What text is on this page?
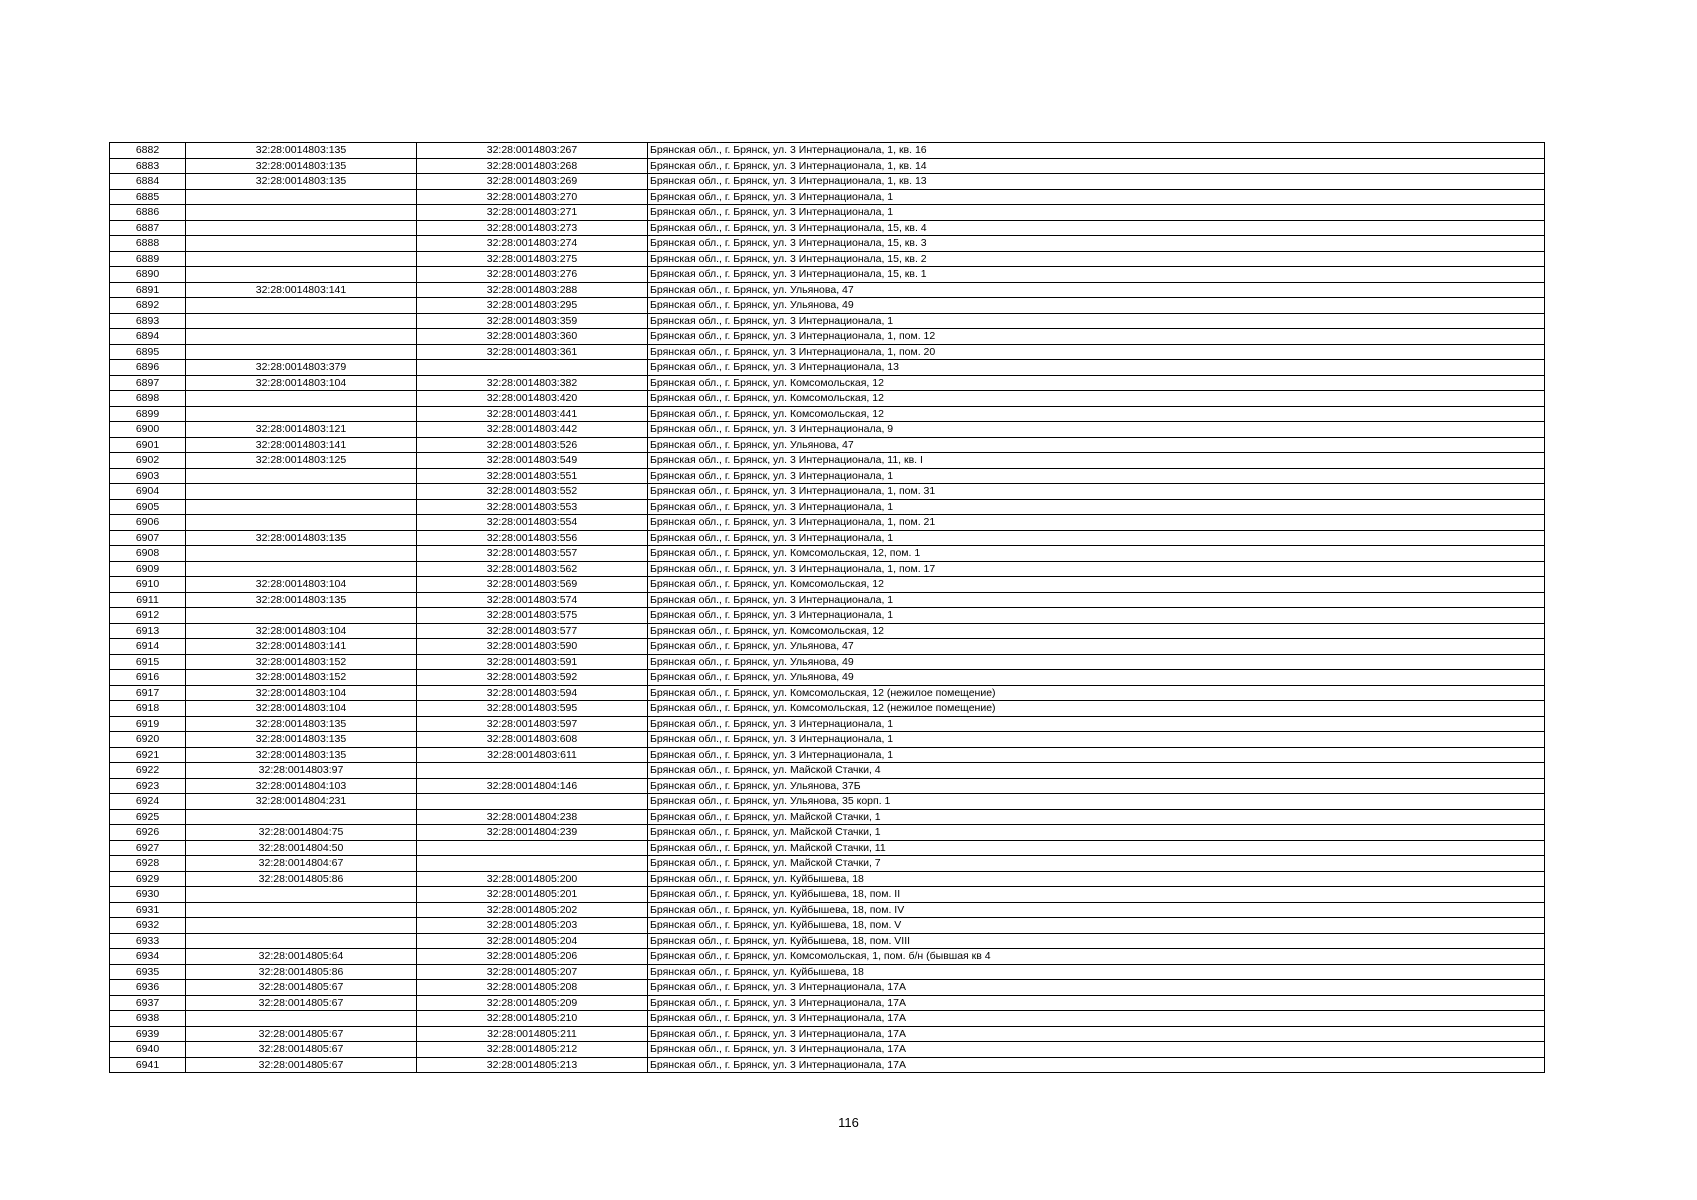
6882	32:28:0014803:135	32:28:0014803:267	Брянская обл., г. Брянск, ул. 3 Интернационала, 1, кв. 16
6883	32:28:0014803:135	32:28:0014803:268	Брянская обл., г. Брянск, ул. 3 Интернационала, 1, кв. 14
6884	32:28:0014803:135	32:28:0014803:269	Брянская обл., г. Брянск, ул. 3 Интернационала, 1, кв. 13
6885		32:28:0014803:270	Брянская обл., г. Брянск, ул. 3 Интернационала, 1
6886		32:28:0014803:271	Брянская обл., г. Брянск, ул. 3 Интернационала, 1
6887		32:28:0014803:273	Брянская обл., г. Брянск, ул. 3 Интернационала, 15, кв. 4
6888		32:28:0014803:274	Брянская обл., г. Брянск, ул. 3 Интернационала, 15, кв. 3
6889		32:28:0014803:275	Брянская обл., г. Брянск, ул. 3 Интернационала, 15, кв. 2
6890		32:28:0014803:276	Брянская обл., г. Брянск, ул. 3 Интернационала, 15, кв. 1
6891	32:28:0014803:141	32:28:0014803:288	Брянская обл., г. Брянск, ул. Ульянова, 47
6892		32:28:0014803:295	Брянская обл., г. Брянск, ул. Ульянова, 49
6893		32:28:0014803:359	Брянская обл., г. Брянск, ул. 3 Интернационала, 1
6894		32:28:0014803:360	Брянская обл., г. Брянск, ул. 3 Интернационала, 1, пом. 12
6895		32:28:0014803:361	Брянская обл., г. Брянск, ул. 3 Интернационала, 1, пом. 20
6896	32:28:0014803:379		Брянская обл., г. Брянск, ул. 3 Интернационала, 13
6897	32:28:0014803:104	32:28:0014803:382	Брянская обл., г. Брянск, ул. Комсомольская, 12
6898		32:28:0014803:420	Брянская обл., г. Брянск, ул. Комсомольская, 12
6899		32:28:0014803:441	Брянская обл., г. Брянск, ул. Комсомольская, 12
6900	32:28:0014803:121	32:28:0014803:442	Брянская обл., г. Брянск, ул. 3 Интернационала, 9
6901	32:28:0014803:141	32:28:0014803:526	Брянская обл., г. Брянск, ул. Ульянова, 47
6902	32:28:0014803:125	32:28:0014803:549	Брянская обл., г. Брянск, ул. 3 Интернационала, 11, кв. I
6903		32:28:0014803:551	Брянская обл., г. Брянск, ул. 3 Интернационала, 1
6904		32:28:0014803:552	Брянская обл., г. Брянск, ул. 3 Интернационала, 1, пом. 31
6905		32:28:0014803:553	Брянская обл., г. Брянск, ул. 3 Интернационала, 1
6906		32:28:0014803:554	Брянская обл., г. Брянск, ул. 3 Интернационала, 1, пом. 21
6907	32:28:0014803:135	32:28:0014803:556	Брянская обл., г. Брянск, ул. 3 Интернационала, 1
6908		32:28:0014803:557	Брянская обл., г. Брянск, ул. Комсомольская, 12, пом. 1
6909		32:28:0014803:562	Брянская обл., г. Брянск, ул. 3 Интернационала, 1, пом. 17
6910	32:28:0014803:104	32:28:0014803:569	Брянская обл., г. Брянск, ул. Комсомольская, 12
6911	32:28:0014803:135	32:28:0014803:574	Брянская обл., г. Брянск, ул. 3 Интернационала, 1
6912		32:28:0014803:575	Брянская обл., г. Брянск, ул. 3 Интернационала, 1
6913	32:28:0014803:104	32:28:0014803:577	Брянская обл., г. Брянск, ул. Комсомольская, 12
6914	32:28:0014803:141	32:28:0014803:590	Брянская обл., г. Брянск, ул. Ульянова, 47
6915	32:28:0014803:152	32:28:0014803:591	Брянская обл., г. Брянск, ул. Ульянова, 49
6916	32:28:0014803:152	32:28:0014803:592	Брянская обл., г. Брянск, ул. Ульянова, 49
6917	32:28:0014803:104	32:28:0014803:594	Брянская обл., г. Брянск, ул. Комсомольская, 12 (нежилое помещение)
6918	32:28:0014803:104	32:28:0014803:595	Брянская обл., г. Брянск, ул. Комсомольская, 12 (нежилое помещение)
6919	32:28:0014803:135	32:28:0014803:597	Брянская обл., г. Брянск, ул. 3 Интернационала, 1
6920	32:28:0014803:135	32:28:0014803:608	Брянская обл., г. Брянск, ул. 3 Интернационала, 1
6921	32:28:0014803:135	32:28:0014803:611	Брянская обл., г. Брянск, ул. 3 Интернационала, 1
6922	32:28:0014803:97		Брянская обл., г. Брянск, ул. Майской Стачки, 4
6923	32:28:0014804:103	32:28:0014804:146	Брянская обл., г. Брянск, ул. Ульянова, 37Б
6924	32:28:0014804:231		Брянская обл., г. Брянск, ул. Ульянова, 35 корп. 1
6925		32:28:0014804:238	Брянская обл., г. Брянск, ул. Майской Стачки, 1
6926	32:28:0014804:75	32:28:0014804:239	Брянская обл., г. Брянск, ул. Майской Стачки, 1
6927	32:28:0014804:50		Брянская обл., г. Брянск, ул. Майской Стачки, 11
6928	32:28:0014804:67		Брянская обл., г. Брянск, ул. Майской Стачки, 7
6929	32:28:0014805:86	32:28:0014805:200	Брянская обл., г. Брянск, ул. Куйбышева, 18
6930		32:28:0014805:201	Брянская обл., г. Брянск, ул. Куйбышева, 18, пом. II
6931		32:28:0014805:202	Брянская обл., г. Брянск, ул. Куйбышева, 18, пом. IV
6932		32:28:0014805:203	Брянская обл., г. Брянск, ул. Куйбышева, 18, пом. V
6933		32:28:0014805:204	Брянская обл., г. Брянск, ул. Куйбышева, 18, пом. VIII
6934	32:28:0014805:64	32:28:0014805:206	Брянская обл., г. Брянск, ул. Комсомольская, 1, пом. б/н (бывшая кв 4
6935	32:28:0014805:86	32:28:0014805:207	Брянская обл., г. Брянск, ул. Куйбышева, 18
6936	32:28:0014805:67	32:28:0014805:208	Брянская обл., г. Брянск, ул. 3 Интернационала, 17А
6937	32:28:0014805:67	32:28:0014805:209	Брянская обл., г. Брянск, ул. 3 Интернационала, 17А
6938		32:28:0014805:210	Брянская обл., г. Брянск, ул. 3 Интернационала, 17А
6939	32:28:0014805:67	32:28:0014805:211	Брянская обл., г. Брянск, ул. 3 Интернационала, 17А
6940	32:28:0014805:67	32:28:0014805:212	Брянская обл., г. Брянск, ул. 3 Интернационала, 17А
6941	32:28:0014805:67	32:28:0014805:213	Брянская обл., г. Брянск, ул. 3 Интернационала, 17А
116
